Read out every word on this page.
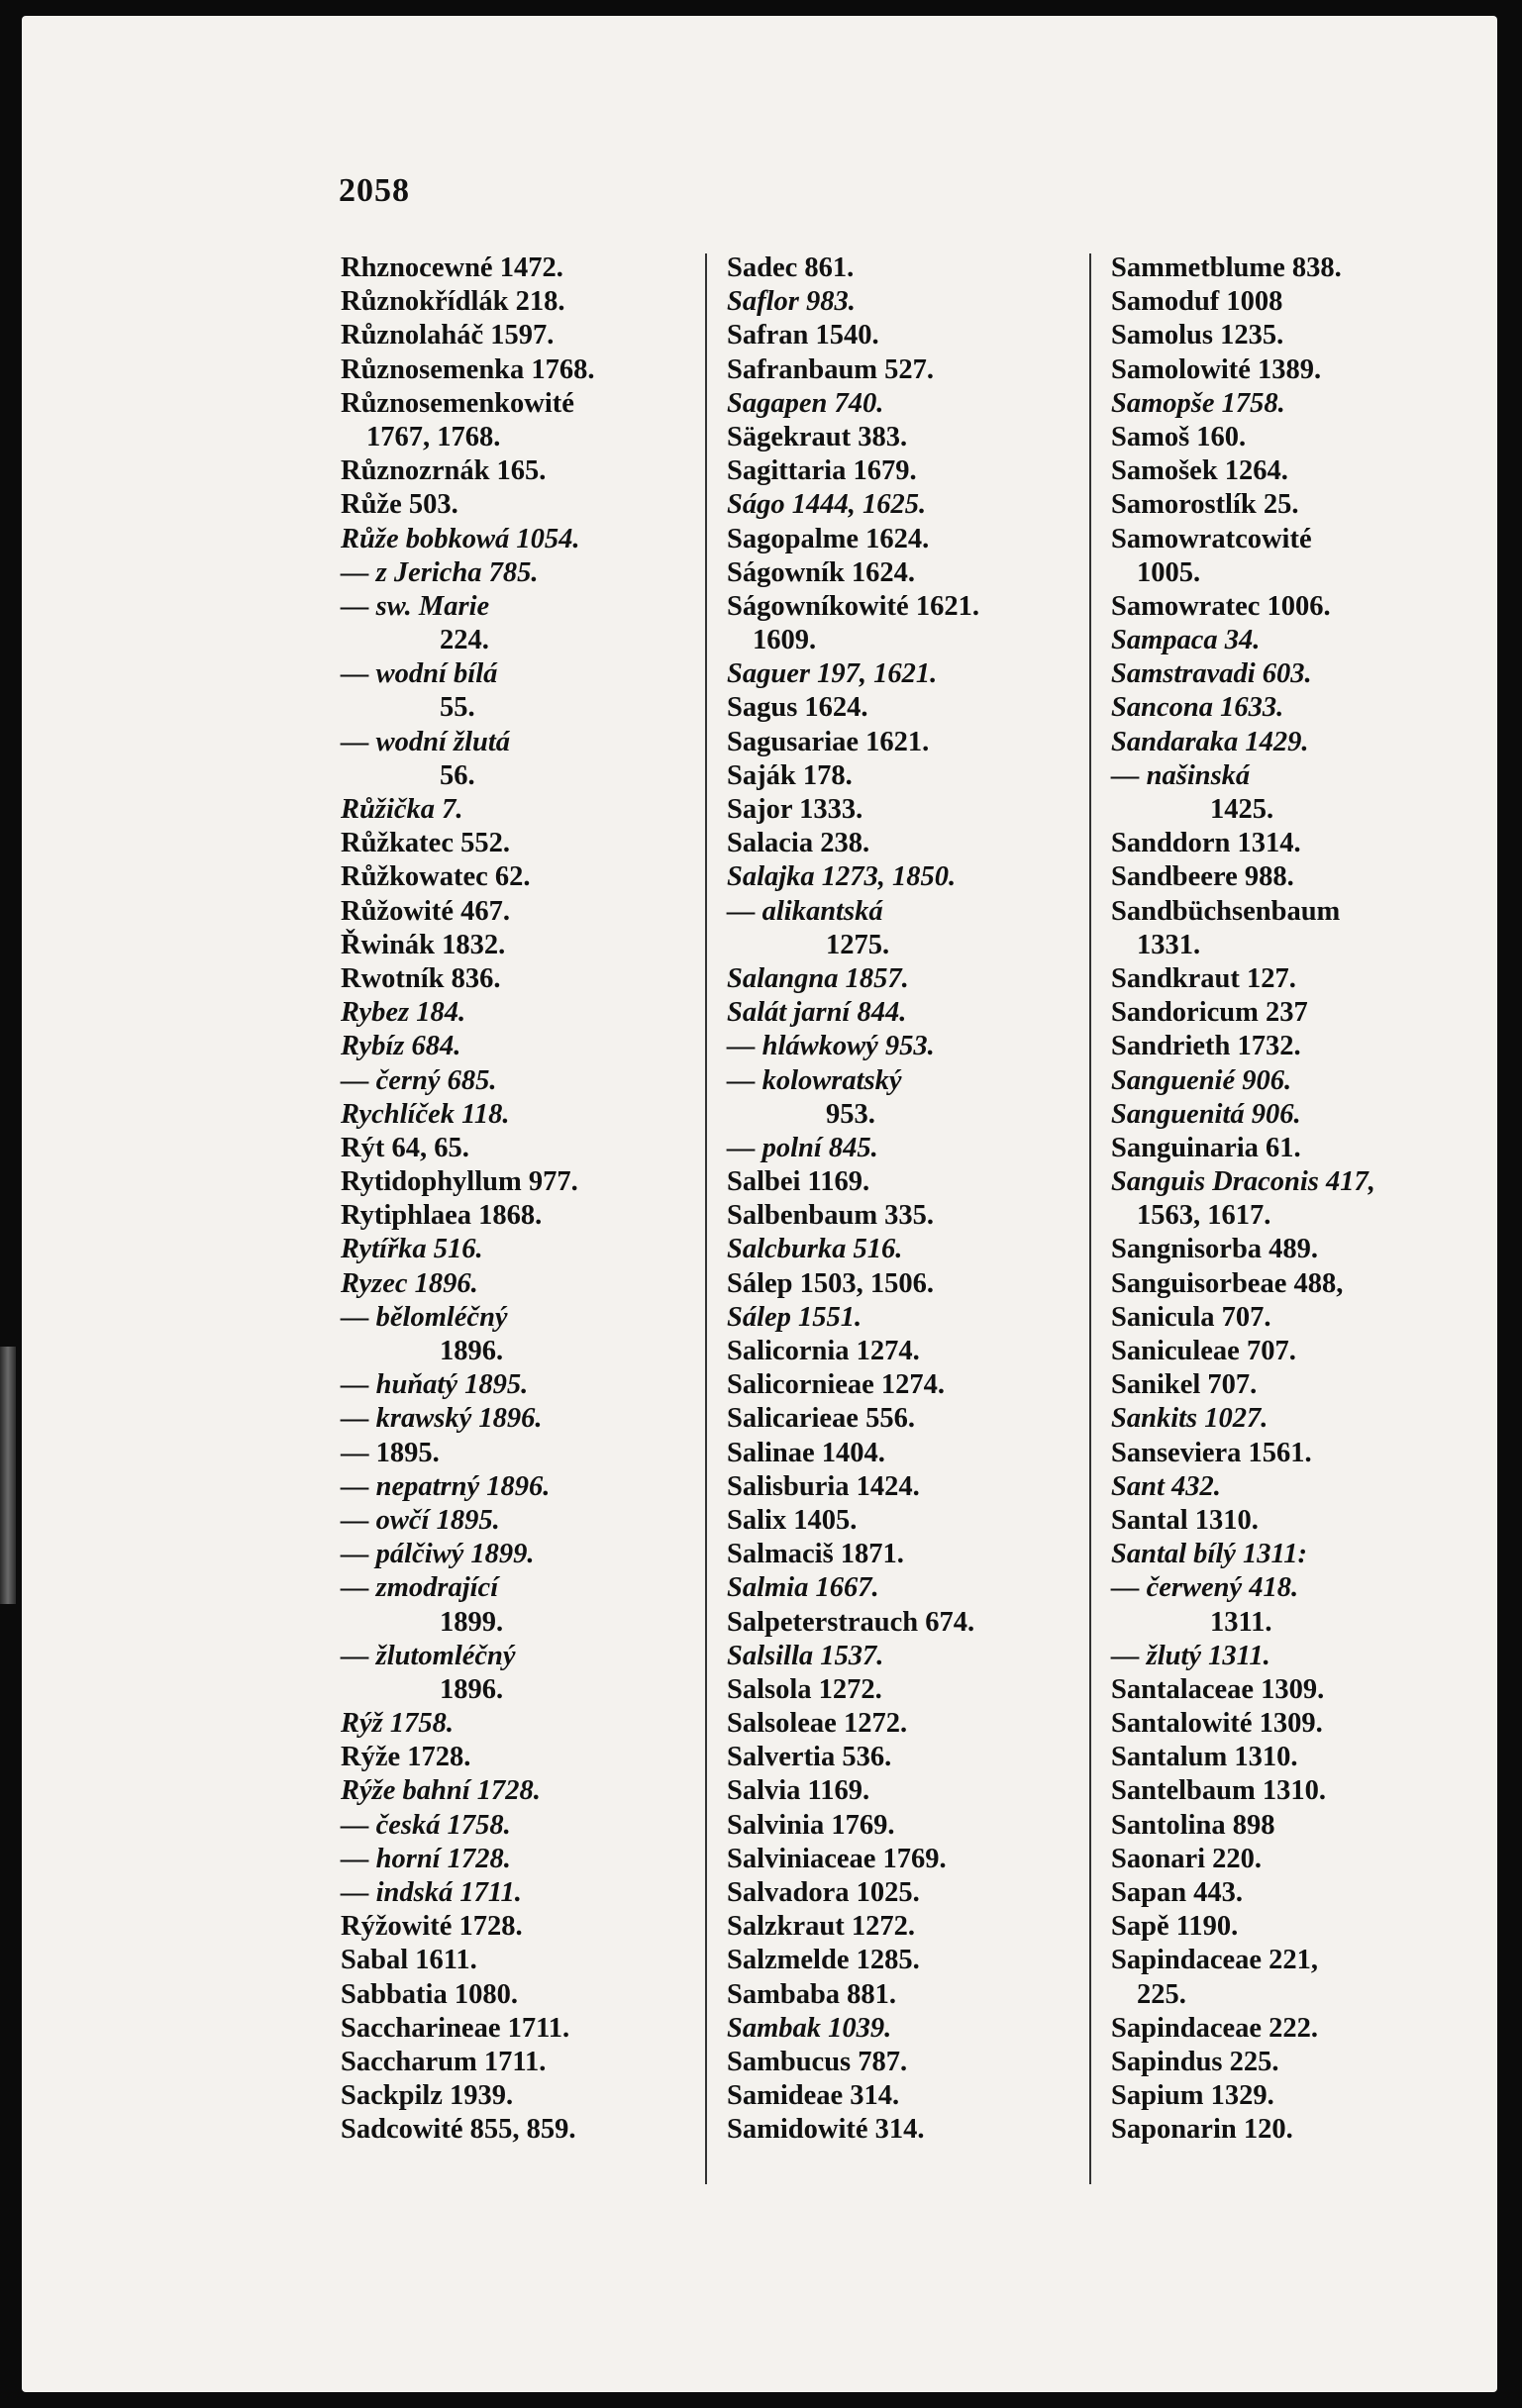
2058
Rhznocewné 1472.
Různokřídlák 218.
Různolaháč 1597.
Různosemenka 1768.
Různosemenkowité
1767, 1768.
Různozrnák 165.
Růže 503.
Růže bobkowá 1054.
— z Jericha 785.
— sw. Marie
224.
— wodní bílá
55.
— wodní žlutá
56.
Růžička 7.
Růžkatec 552.
Růžkowatec 62.
Růžowité 467.
Řwinák 1832.
Rwotník 836.
Rybez 184.
Rybíz 684.
— černý 685.
Rychlíček 118.
Rýt 64, 65.
Rytidophyllum 977.
Rytiphlaea 1868.
Rytířka 516.
Ryzec 1896.
— bělomléčný
1896.
— huňatý 1895.
— krawský 1896.
— 1895.
— nepatrný 1896.
— owčí 1895.
— pálčiwý 1899.
— zmodrající
1899.
— žlutomléčný
1896.
Rýž 1758.
Rýže 1728.
Rýže bahní 1728.
— česká 1758.
— horní 1728.
— indská 1711.
Rýžowité 1728.
Sabal 1611.
Sabbatia 1080.
Saccharineae 1711.
Saccharum 1711.
Sackpilz 1939.
Sadcowité 855, 859.
Sadec 861.
Saflor 983.
Safran 1540.
Safranbaum 527.
Sagapen 740.
Sägekraut 383.
Sagittaria 1679.
Ságo 1444, 1625.
Sagopalme 1624.
Ságowník 1624.
Ságowníkowité 1621.
1609.
Saguer 197, 1621.
Sagus 1624.
Sagusariae 1621.
Saják 178.
Sajor 1333.
Salacia 238.
Salajka 1273, 1850.
— alikantská
1275.
Salangna 1857.
Salát jarní 844.
— hláwkowý 953.
— kolowratský
953.
— polní 845.
Salbei 1169.
Salbenbaum 335.
Salcburka 516.
Sálep 1503, 1506.
Sálep 1551.
Salicornia 1274.
Salicornieae 1274.
Salicarieae 556.
Salinae 1404.
Salisburia 1424.
Salix 1405.
Salmaciš 1871.
Salmia 1667.
Salpeterstrauch 674.
Salsilla 1537.
Salsola 1272.
Salsoleae 1272.
Salvertia 536.
Salvia 1169.
Salvinia 1769.
Salviniaceae 1769.
Salvadora 1025.
Salzkraut 1272.
Salzmelde 1285.
Sambaba 881.
Sambak 1039.
Sambucus 787.
Samideae 314.
Samidowité 314.
Sammetblume 838.
Samoduf 1008
Samolus 1235.
Samolowité 1389.
Samopše 1758.
Samoš 160.
Samošek 1264.
Samorostlík 25.
Samowratcowité
1005.
Samowratec 1006.
Sampaca 34.
Samstravadi 603.
Sancona 1633.
Sandaraka 1429.
— našinská
1425.
Sanddorn 1314.
Sandbeere 988.
Sandbüchsenbaum
1331.
Sandkraut 127.
Sandoricum 237
Sandrieth 1732.
Sanguenié 906.
Sanguenitá 906.
Sanguinaria 61.
Sanguis Draconis 417,
1563, 1617.
Sangnisorba 489.
Sanguisorbeae 488,
Sanicula 707.
Saniculeae 707.
Sanikel 707.
Sankits 1027.
Sanseviera 1561.
Sant 432.
Santal 1310.
Santal bílý 1311:
— čerwený 418.
1311.
— žlutý 1311.
Santalaceae 1309.
Santalowité 1309.
Santalum 1310.
Santelbaum 1310.
Santolina 898
Saonari 220.
Sapan 443.
Sapě 1190.
Sapindaceae 221,
225.
Sapindaceae 222.
Sapindus 225.
Sapium 1329.
Saponarin 120.
